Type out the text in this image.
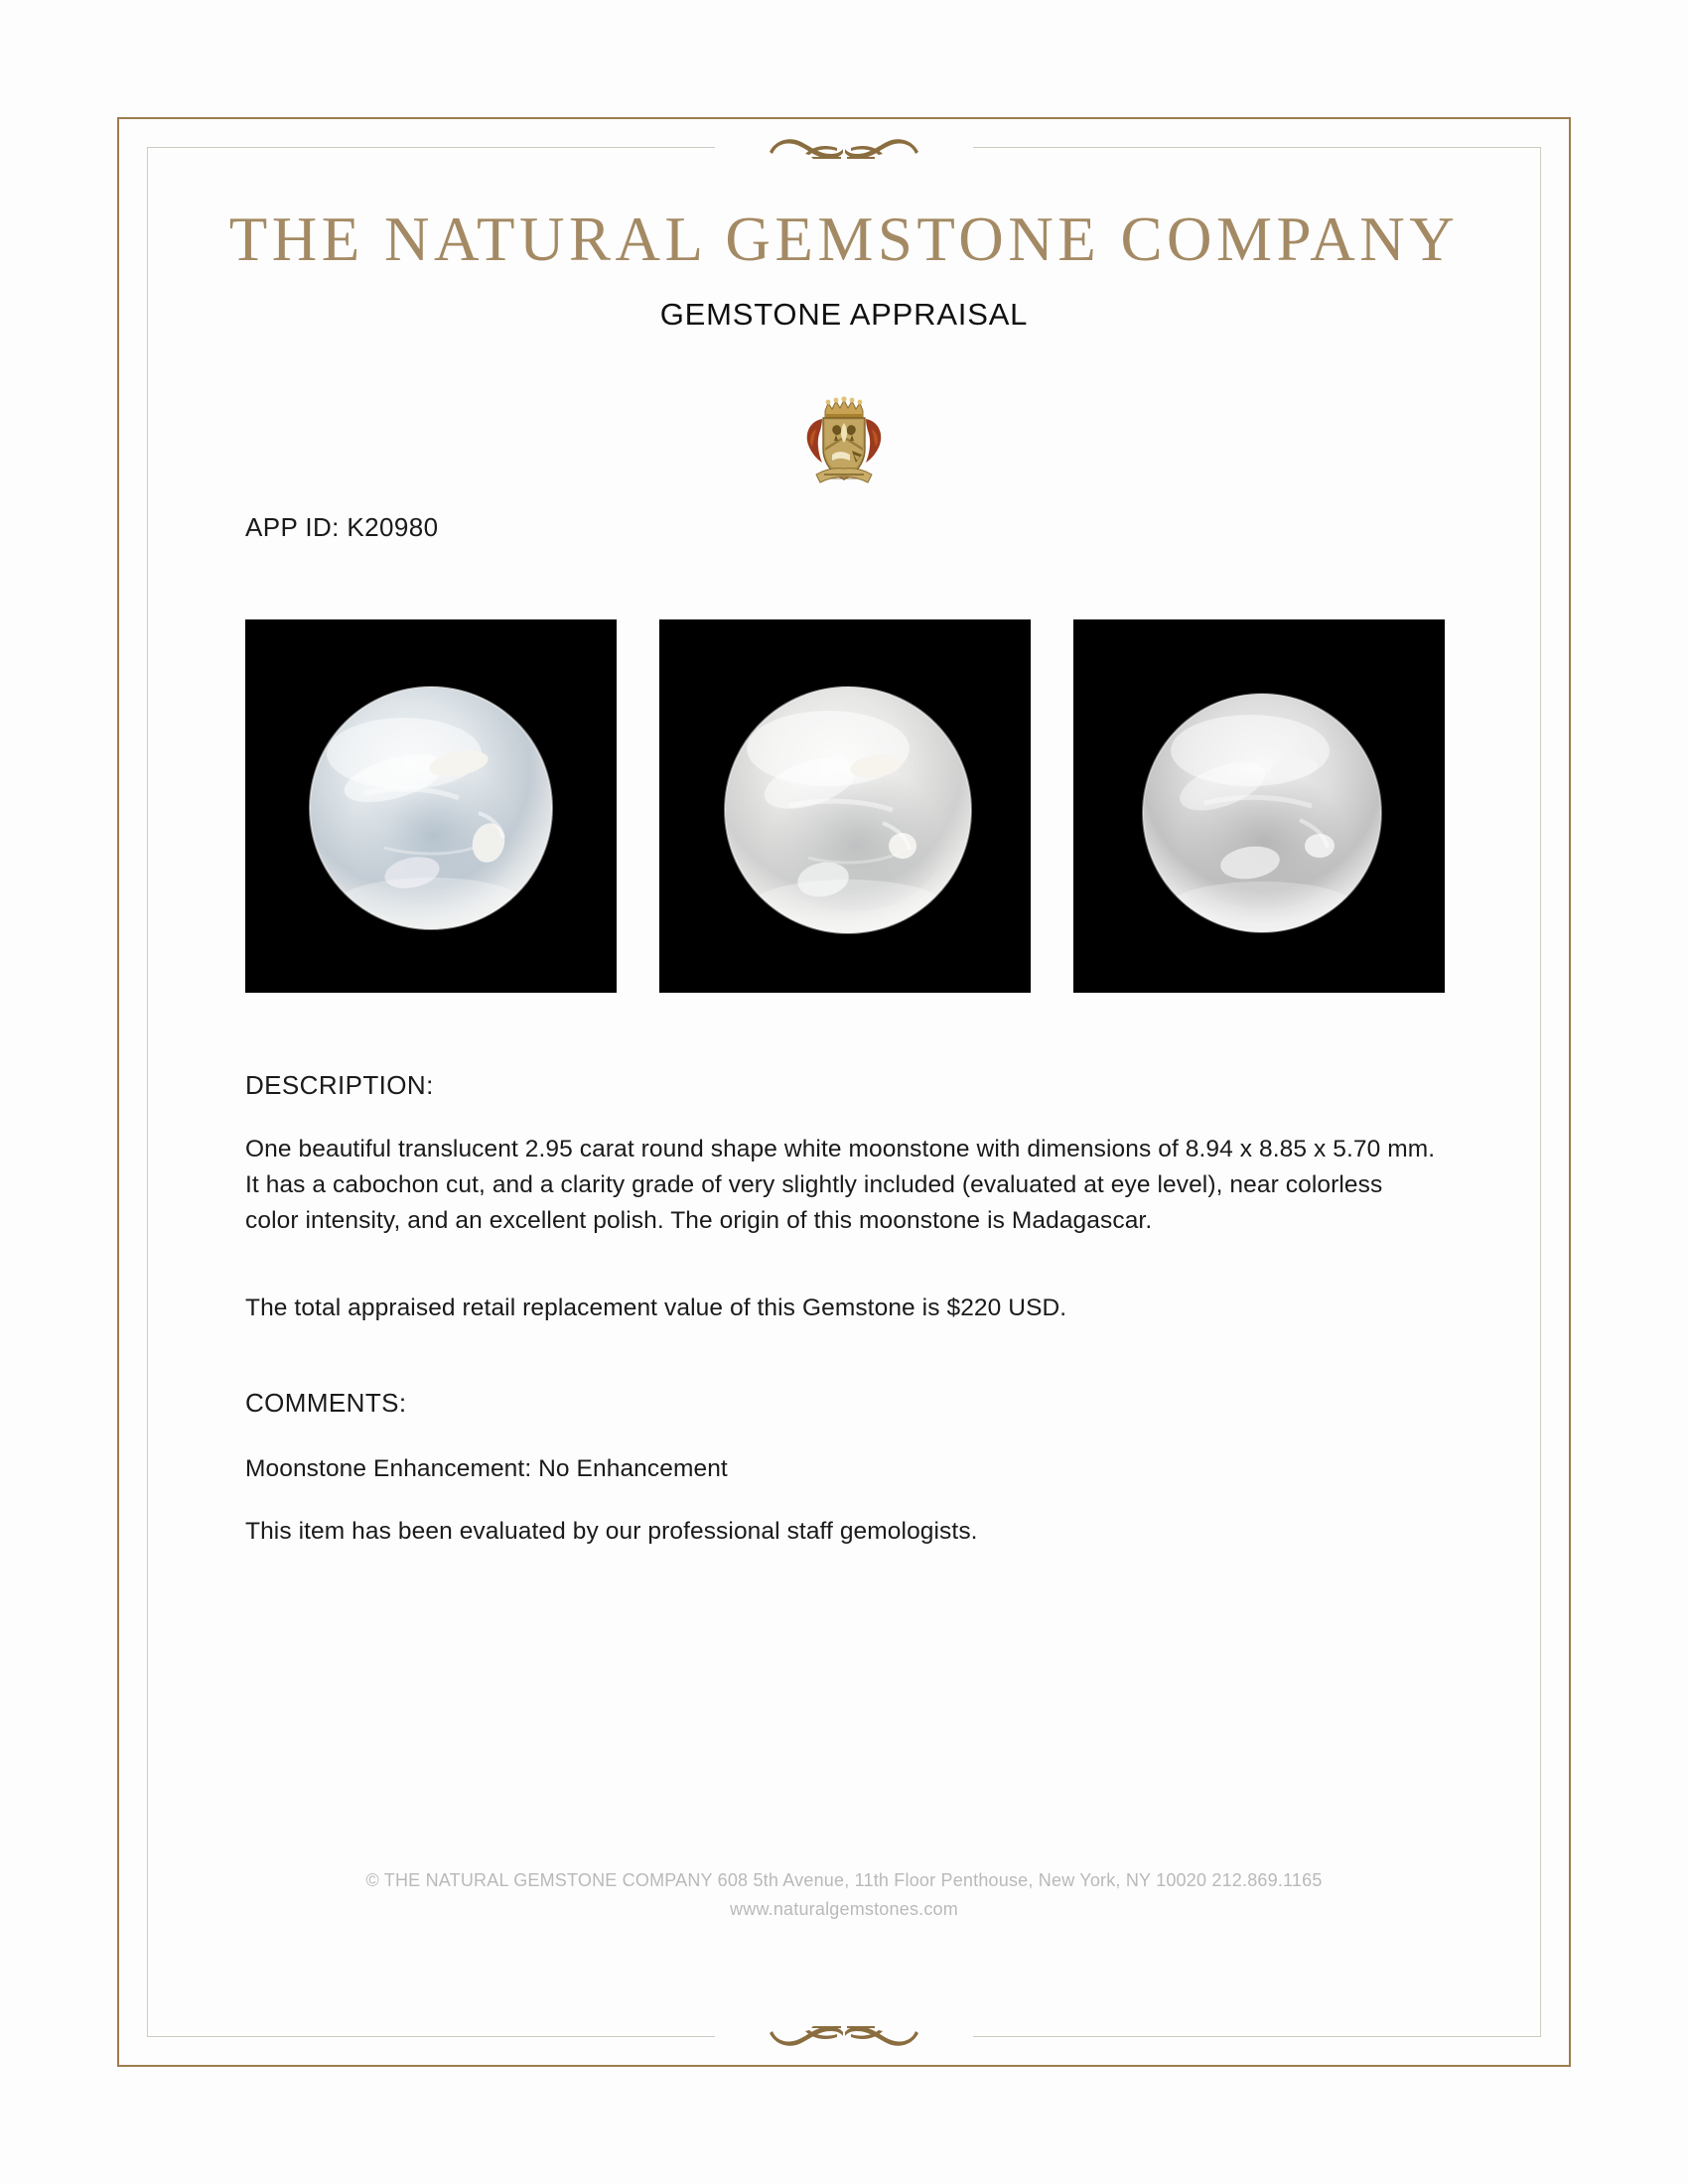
THE NATURAL GEMSTONE COMPANY
GEMSTONE APPRAISAL
APP ID: K20980
DESCRIPTION:
One beautiful translucent 2.95 carat round shape white moonstone with dimensions of 8.94 x 8.85 x 5.70 mm. It has a cabochon cut, and a clarity grade of very slightly included (evaluated at eye level), near colorless color intensity, and an excellent polish. The origin of this moonstone is Madagascar.
The total appraised retail replacement value of this Gemstone is $220 USD.
COMMENTS:
Moonstone Enhancement: No Enhancement
This item has been evaluated by our professional staff gemologists.
© THE NATURAL GEMSTONE COMPANY 608 5th Avenue, 11th Floor Penthouse, New York, NY 10020 212.869.1165
www.naturalgemstones.com
